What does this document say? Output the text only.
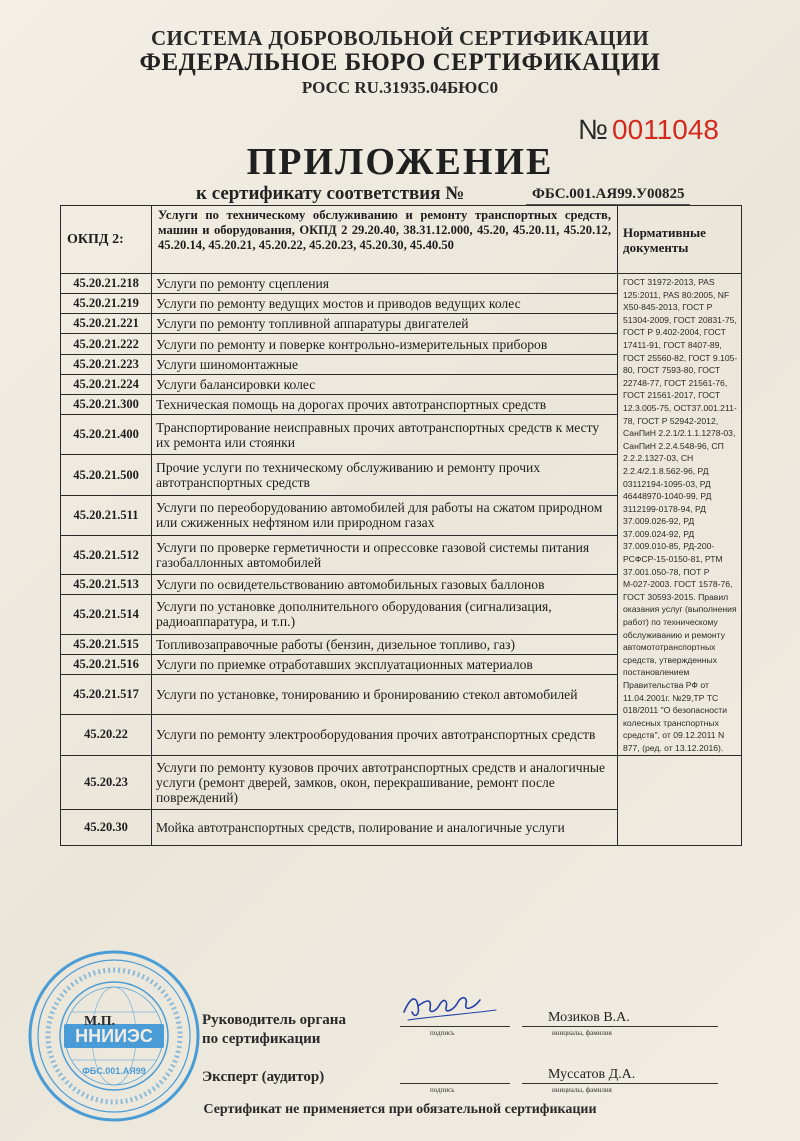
СИСТЕМА ДОБРОВОЛЬНОЙ СЕРТИФИКАЦИИ
ФЕДЕРАЛЬНОЕ БЮРО СЕРТИФИКАЦИИ
РОСС RU.31935.04БЮС0
№ 0011048
ПРИЛОЖЕНИЕ
к сертификату соответствия №	ФБС.001.АЯ99.У00825
ОКПД 2:	Услуги по техническому обслуживанию и ремонту транспортных средств, машин и оборудования, ОКПД 2 29.20.40, 38.31.12.000, 45.20, 45.20.11, 45.20.12, 45.20.14, 45.20.21, 45.20.22, 45.20.23, 45.20.30, 45.40.50	Нормативные документы
45.20.21.218	Услуги по ремонту сцепления	ГОСТ 31972-2013, PAS 125:2011, PAS 80:2005, NF X50-845-2013, ГОСТ Р 51304-2009, ГОСТ 20831-75, ГОСТ Р 9.402-2004, ГОСТ 17411-91, ГОСТ 8407-89, ГОСТ 25560-82, ГОСТ 9.105-80, ГОСТ 7593-80, ГОСТ 22748-77, ГОСТ 21561-76, ГОСТ 21561-2017, ГОСТ 12.3.005-75, ОСТ37.001.211-78, ГОСТ Р 52942-2012, СанПиН 2.2.1/2.1.1.1278-03, СанПиН 2.2.4.548-96, СП 2.2.2.1327-03, СН 2.2.4/2.1.8.562-96, РД 03112194-1095-03, РД 46448970-1040-99, РД 3112199-0178-94, РД 37.009.026-92, РД 37.009.024-92, РД 37.009.010-85, РД-200-РСФСР-15-0150-81, РТМ 37.001.050-78, ПОТ Р М-027-2003. ГОСТ 1578-76, ГОСТ 30593-2015. Правил оказания услуг (выполнения работ) по техническому обслуживанию и ремонту автомототранспортных средств, утвержденных постановлением Правительства РФ от 11.04.2001г. №29,ТР ТС 018/2011 "О безопасности колесных транспортных средств", от 09.12.2011 N 877, (ред. от 13.12.2016).
45.20.21.219	Услуги по ремонту ведущих мостов и приводов ведущих колес	
45.20.21.221	Услуги по ремонту топливной аппаратуры двигателей	
45.20.21.222	Услуги по ремонту и поверке контрольно-измерительных приборов	
45.20.21.223	Услуги шиномонтажные	
45.20.21.224	Услуги балансировки колес	
45.20.21.300	Техническая помощь на дорогах прочих автотранспортных средств	
45.20.21.400	Транспортирование неисправных прочих автотранспортных средств к месту их ремонта или стоянки	
45.20.21.500	Прочие услуги по техническому обслуживанию и ремонту прочих автотранспортных средств	
45.20.21.511	Услуги по переоборудованию автомобилей для работы на сжатом природном или сжиженных нефтяном или природном газах	
45.20.21.512	Услуги по проверке герметичности и опрессовке газовой системы питания газобаллонных автомобилей	
45.20.21.513	Услуги по освидетельствованию автомобильных газовых баллонов	
45.20.21.514	Услуги по установке дополнительного оборудования (сигнализация, радиоаппаратура, и т.п.)	
45.20.21.515	Топливозаправочные работы (бензин, дизельное топливо, газ)	
45.20.21.516	Услуги по приемке отработавших эксплуатационных материалов	
45.20.21.517	Услуги по установке, тонированию и бронированию стекол автомобилей	
45.20.22	Услуги по ремонту электрооборудования прочих автотранспортных средств	
45.20.23	Услуги по ремонту кузовов прочих автотранспортных средств и аналогичные услуги (ремонт дверей, замков, окон, перекрашивание, ремонт после повреждений)	
45.20.30	Мойка автотранспортных средств, полирование и аналогичные услуги	
ННИИЭС
ФБС.001.АЯ99
М.П.	Руководитель органа
по сертификации	подпись
Мозиков В.А.
инициалы, фамилия
Эксперт (аудитор)
подпись
Муссатов Д.А.
инициалы, фамилия
Сертификат не применяется при обязательной сертификации
